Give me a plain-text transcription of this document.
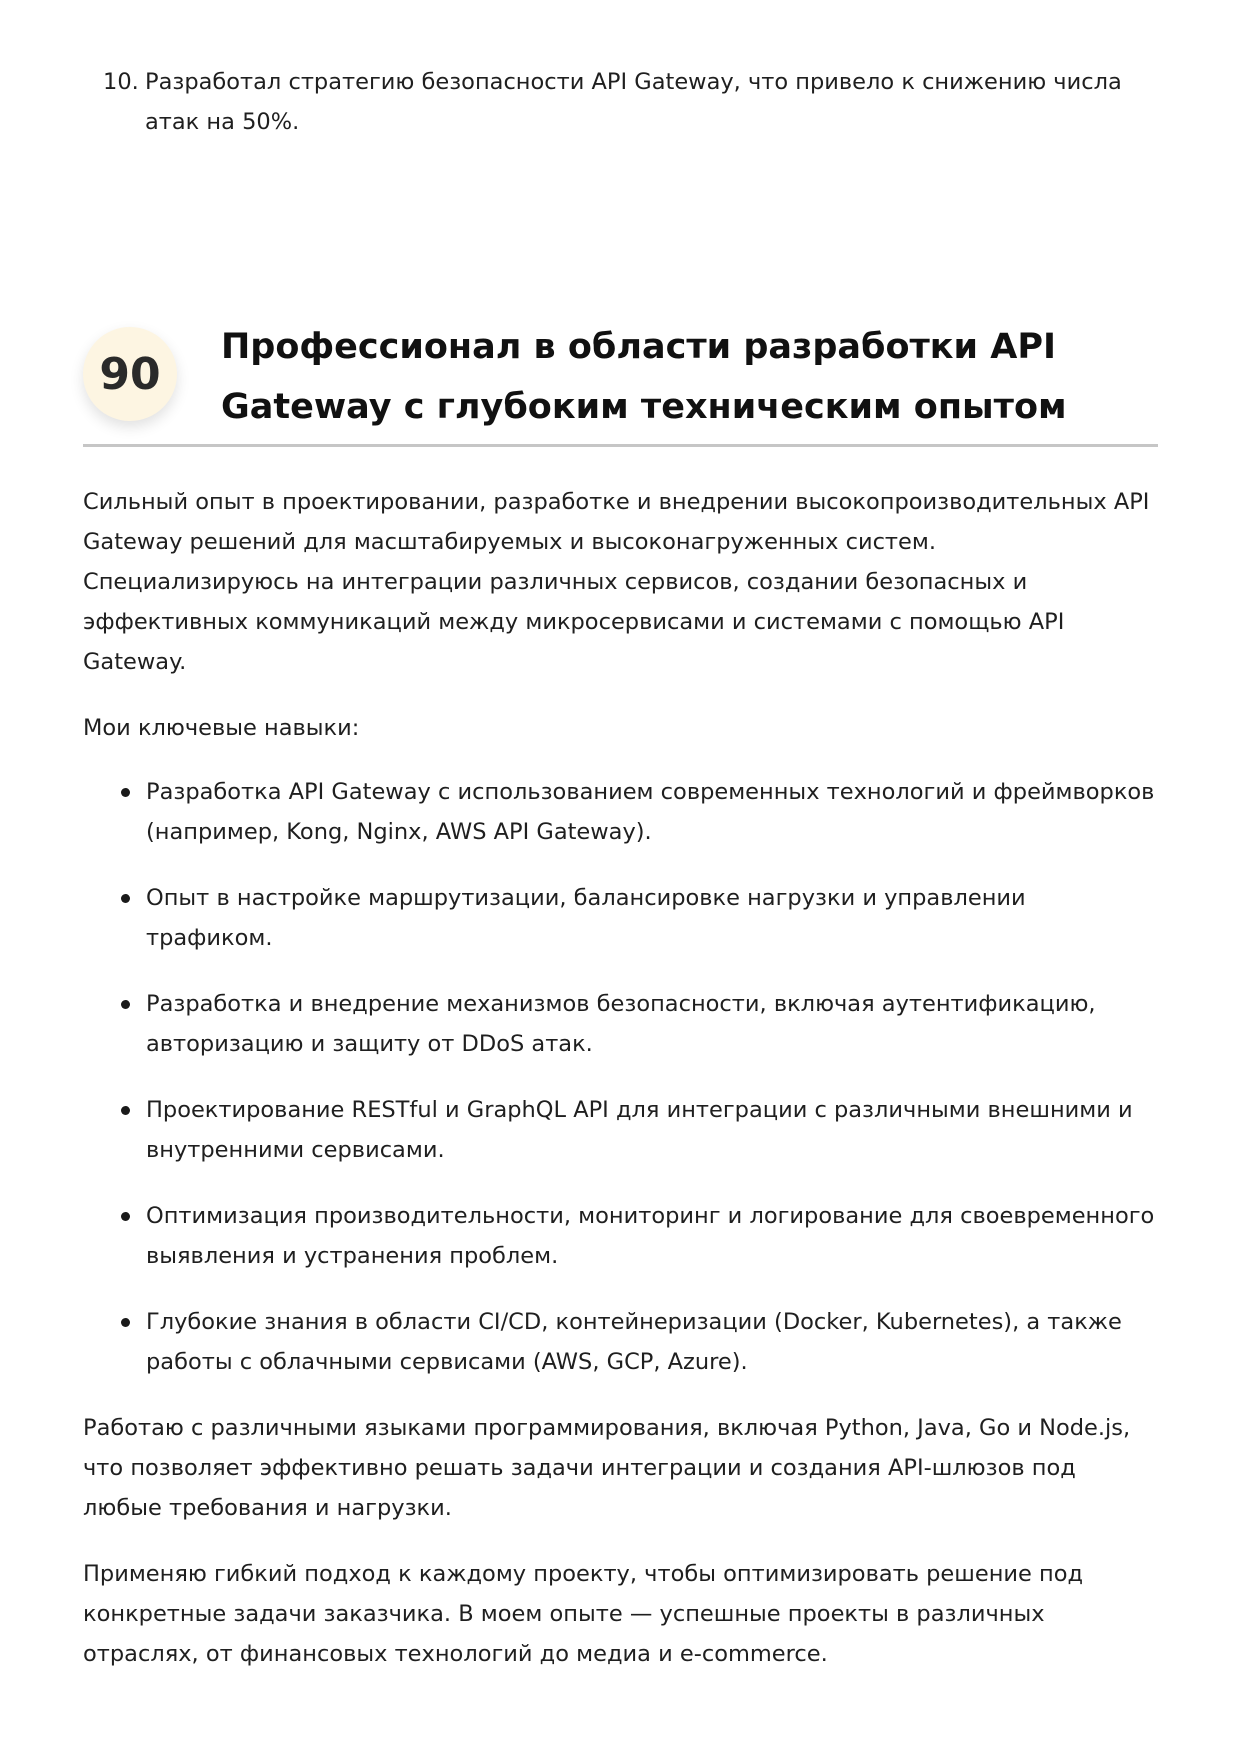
10. Разработал стратегию безопасности API Gateway, что привело к снижению числа атак на 50%.
90
Профессионал в области разработки API Gateway с глубоким техническим опытом

Сильный опыт в проектировании, разработке и внедрении высокопроизводительных API Gateway решений для масштабируемых и высоконагруженных систем. Специализируюсь на интеграции различных сервисов, создании безопасных и эффективных коммуникаций между микросервисами и системами с помощью API Gateway.

Мои ключевые навыки:

Разработка API Gateway с использованием современных технологий и фреймворков (например, Kong, Nginx, AWS API Gateway).
Опыт в настройке маршрутизации, балансировке нагрузки и управлении трафиком.
Разработка и внедрение механизмов безопасности, включая аутентификацию, авторизацию и защиту от DDoS атак.
Проектирование RESTful и GraphQL API для интеграции с различными внешними и внутренними сервисами.
Оптимизация производительности, мониторинг и логирование для своевременного выявления и устранения проблем.
Глубокие знания в области CI/CD, контейнеризации (Docker, Kubernetes), а также работы с облачными сервисами (AWS, GCP, Azure).

Работаю с различными языками программирования, включая Python, Java, Go и Node.js, что позволяет эффективно решать задачи интеграции и создания API-шлюзов под любые требования и нагрузки.

Применяю гибкий подход к каждому проекту, чтобы оптимизировать решение под конкретные задачи заказчика. В моем опыте — успешные проекты в различных отраслях, от финансовых технологий до медиа и e-commerce.
